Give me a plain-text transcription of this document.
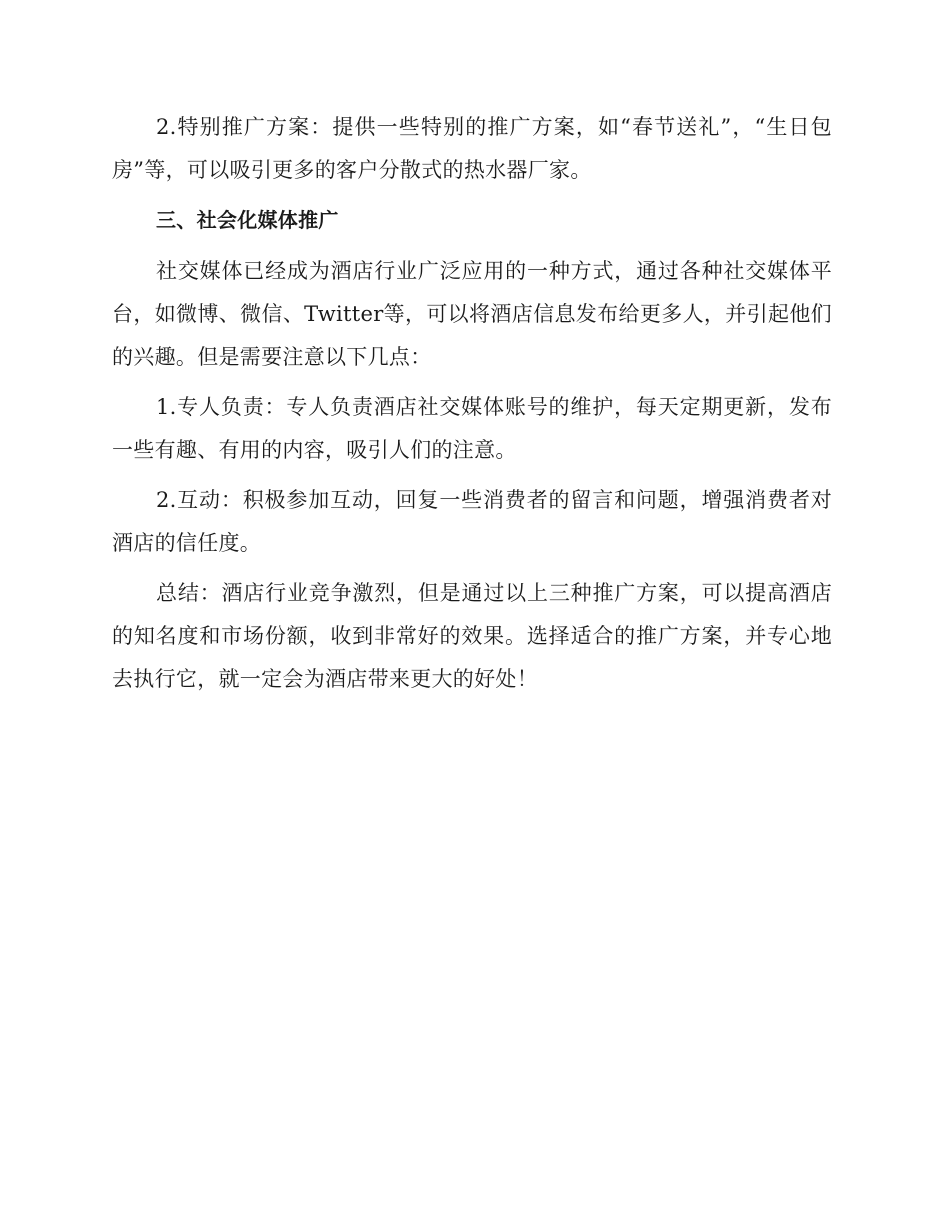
2.特别推广方案：提供一些特别的推广方案，如“春节送礼”，“生日包房”等，可以吸引更多的客户分散式的热水器厂家。

三、社会化媒体推广

社交媒体已经成为酒店行业广泛应用的一种方式，通过各种社交媒体平台，如微博、微信、Twitter等，可以将酒店信息发布给更多人，并引起他们的兴趣。但是需要注意以下几点：

1.专人负责：专人负责酒店社交媒体账号的维护，每天定期更新，发布一些有趣、有用的内容，吸引人们的注意。

2.互动：积极参加互动，回复一些消费者的留言和问题，增强消费者对酒店的信任度。

总结：酒店行业竞争激烈，但是通过以上三种推广方案，可以提高酒店的知名度和市场份额，收到非常好的效果。选择适合的推广方案，并专心地去执行它，就一定会为酒店带来更大的好处！
